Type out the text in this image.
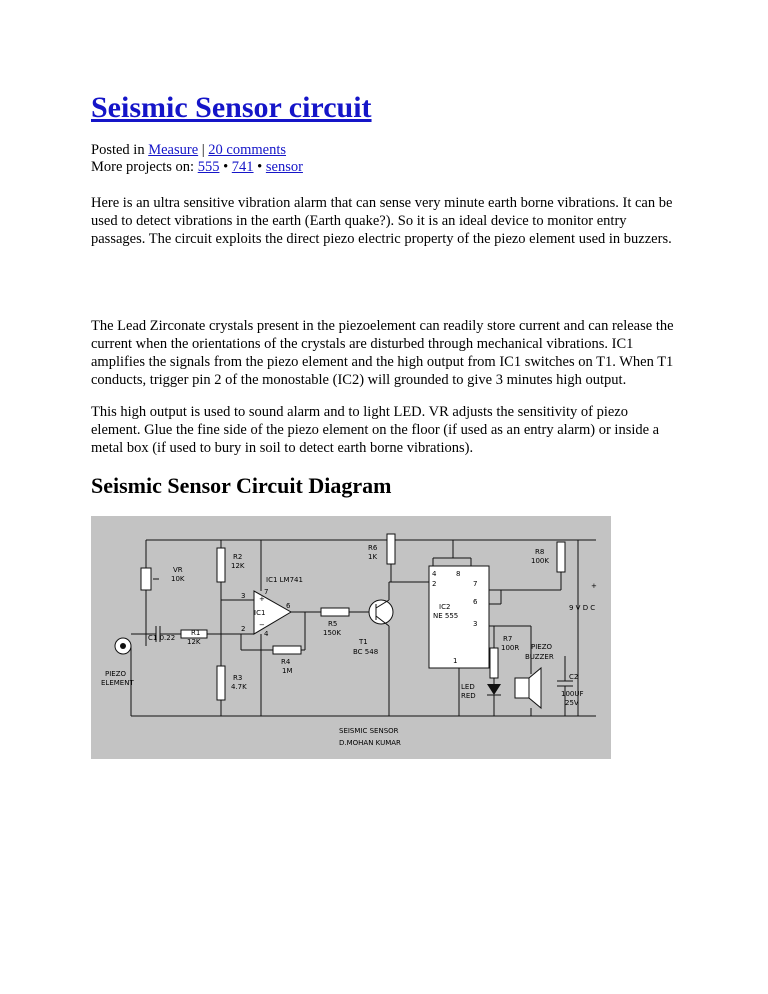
Seismic Sensor circuit
Posted in Measure | 20 comments
More projects on: 555 • 741 • sensor

Here is an ultra sensitive vibration alarm that can sense very minute earth borne vibrations. It can be used to detect vibrations in the earth (Earth quake?). So it is an ideal device to monitor entry passages. The circuit exploits the direct piezo electric property of the piezo element used in buzzers.

The Lead Zirconate crystals present in the piezoelement can readily store current and can release the current when the orientations of the crystals are disturbed through mechanical vibrations. IC1 amplifies the signals from the piezo element and the high output from IC1 switches on T1. When T1 conducts, trigger pin 2 of the monostable (IC2) will grounded to give 3 minutes high output.

This high output is used to sound alarm and to light LED. VR adjusts the sensitivity of piezo element. Glue the fine side of the piezo element on the floor (if used as an entry alarm) or inside a metal box (if used to bury in soil to detect earth borne vibrations).

Seismic Sensor Circuit Diagram
VR
10K
PIEZO
ELEMENT
C1 0.22
R1
12K
R2
12K
R3
4.7K
IC1 LM741
IC1
+
−
3	7
6
2
4
R4
1M
R5
150K
T1
BC 548
R6
1K
IC2
NE 555
4	8
2	7
6
3
1
R8
100K
R7
100R
LED
RED
PIEZO
BUZZER
C2
100UF
25V
+
9 V D C
SEISMIC SENSOR
D.MOHAN KUMAR
